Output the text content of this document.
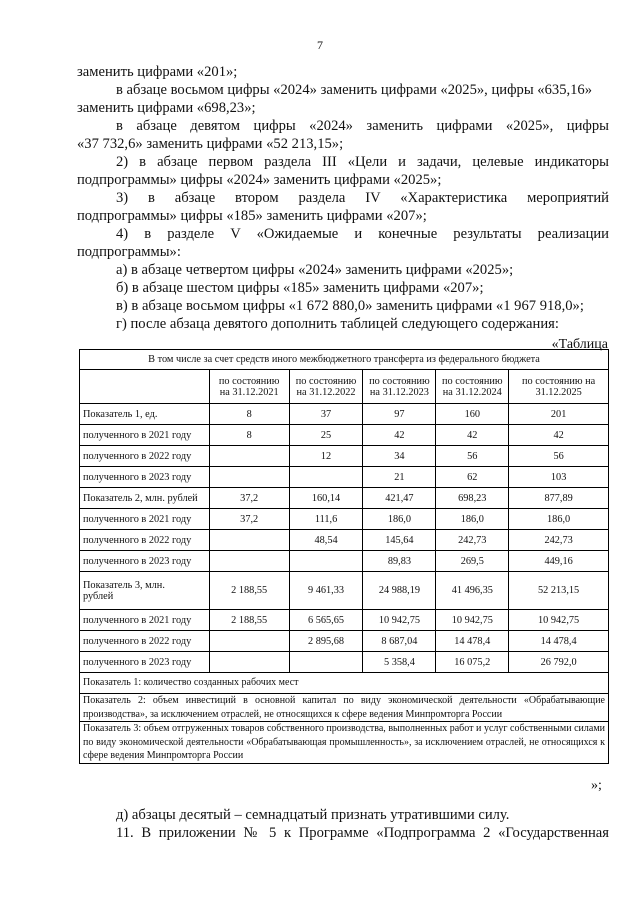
7
заменить цифрами «201»;
в абзаце восьмом цифры «2024» заменить цифрами «2025», цифры «635,16»
заменить цифрами «698,23»;
в абзаце девятом цифры «2024» заменить цифрами «2025», цифры
«37 732,6» заменить цифрами «52 213,15»;
2) в абзаце первом раздела III «Цели и задачи, целевые индикаторы
подпрограммы» цифры «2024» заменить цифрами «2025»;
3) в абзаце втором раздела IV «Характеристика мероприятий
подпрограммы» цифры «185» заменить цифрами «207»;
4) в разделе V «Ожидаемые и конечные результаты реализации
подпрограммы»:
а) в абзаце четвертом цифры «2024» заменить цифрами «2025»;
б) в абзаце шестом цифры «185» заменить цифрами «207»;
в) в абзаце восьмом цифры «1 672 880,0» заменить цифрами «1 967 918,0»;
г) после абзаца девятого дополнить таблицей следующего содержания:
«Таблица
В том числе за счет средств иного межбюджетного трансферта из федерального бюджета					
	по состоянию на 31.12.2021	по состоянию на 31.12.2022	по состоянию на 31.12.2023	по состоянию на 31.12.2024	по состоянию на 31.12.2025
Показатель 1, ед.	8	37	97	160	201
полученного в 2021 году	8	25	42	42	42
полученного в 2022 году		12	34	56	56
полученного в 2023 году			21	62	103
Показатель 2, млн. рублей	37,2	160,14	421,47	698,23	877,89
полученного в 2021 году	37,2	111,6	186,0	186,0	186,0
полученного в 2022 году		48,54	145,64	242,73	242,73
полученного в 2023 году			89,83	269,5	449,16
Показатель 3, млн. рублей	2 188,55	9 461,33	24 988,19	41 496,35	52 213,15
полученного в 2021 году	2 188,55	6 565,65	10 942,75	10 942,75	10 942,75
полученного в 2022 году		2 895,68	8 687,04	14 478,4	14 478,4
полученного в 2023 году			5 358,4	16 075,2	26 792,0
Показатель 1: количество созданных рабочих мест					
Показатель 2: объем инвестиций в основной капитал по виду экономической деятельности «Обрабатывающие производства», за исключением отраслей, не относящихся к сфере ведения Минпромторга России					
Показатель 3: объем отгруженных товаров собственного производства, выполненных работ и услуг собственными силами по виду экономической деятельности «Обрабатывающая промышленность», за исключением отраслей, не относящихся к сфере ведения Минпромторга России					
»;
д) абзацы десятый – семнадцатый признать утратившими силу.
11. В приложении № 5 к Программе «Подпрограмма 2 «Государственная
